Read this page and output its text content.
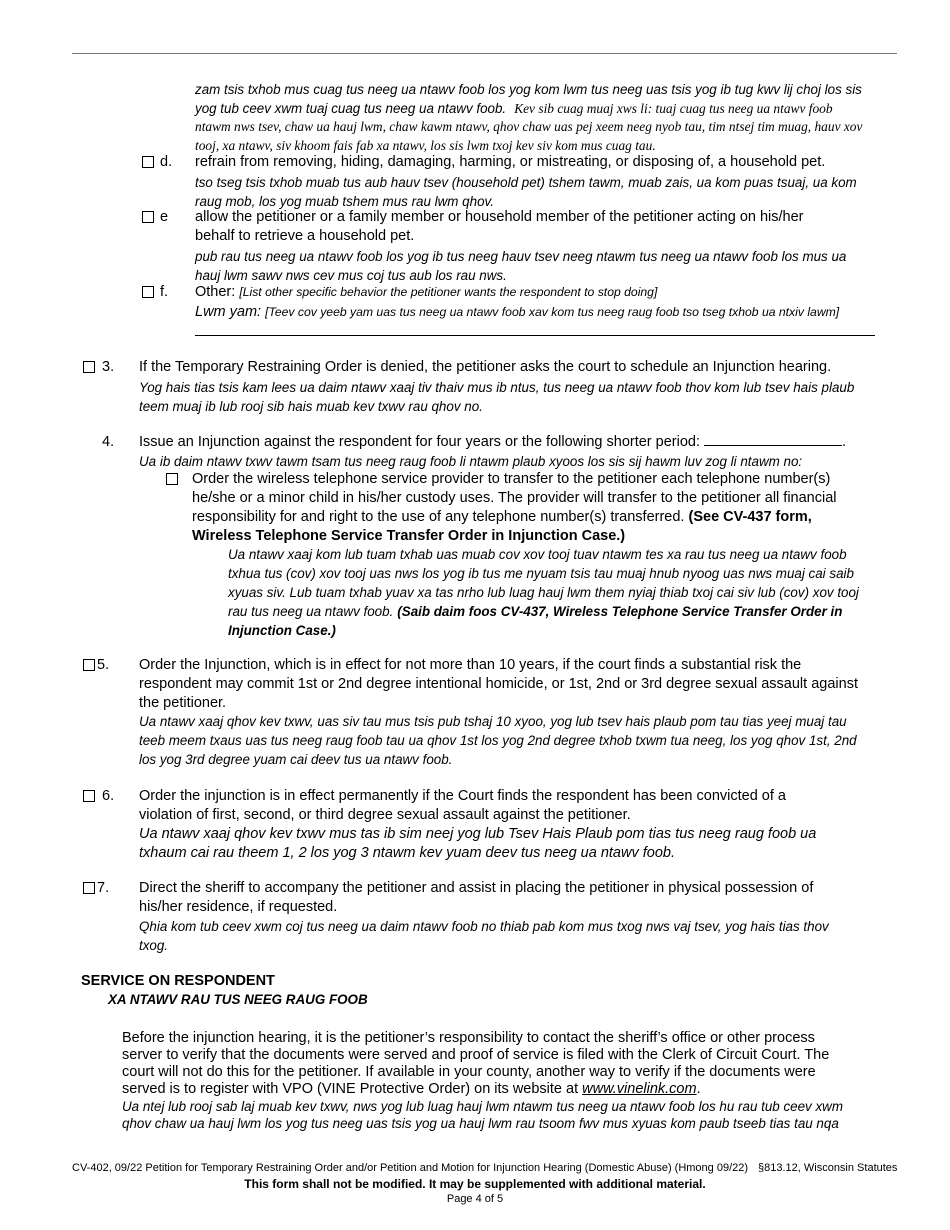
zam tsis txhob mus cuag tus neeg ua ntawv foob los yog kom lwm tus neeg uas tsis yog ib tug kwv lij choj los sis
yog tub ceev xwm tuaj cuag tus neeg ua ntawv foob. Kev sib cuag muaj xws li: tuaj cuag tus neeg ua ntawv foob
ntawm nws tsev, chaw ua hauj lwm, chaw kawm ntawv, qhov chaw uas pej xeem neeg nyob tau, tim ntsej tim muag, hauv xov
tooj, xa ntawv, siv khoom fais fab xa ntawv, los sis lwm txoj kev siv kom mus cuag tau.
d. refrain from removing, hiding, damaging, harming, or mistreating, or disposing of, a household pet.
tso tseg tsis txhob muab tus aub hauv tsev (household pet) tshem tawm, muab zais, ua kom puas tsuaj, ua kom
raug mob, los yog muab tshem mus rau lwm qhov.
e allow the petitioner or a family member or household member of the petitioner acting on his/her
behalf to retrieve a household pet.
pub rau tus neeg ua ntawv foob los yog ib tus neeg hauv tsev neeg ntawm tus neeg ua ntawv foob los mus ua
hauj lwm sawv nws cev mus coj tus aub los rau nws.
f. Other: [List other specific behavior the petitioner wants the respondent to stop doing]
Lwm yam: [Teev cov yeeb yam uas tus neeg ua ntawv foob xav kom tus neeg raug foob tso tseg txhob ua ntxiv lawm]
3. If the Temporary Restraining Order is denied, the petitioner asks the court to schedule an Injunction hearing.
Yog hais tias tsis kam lees ua daim ntawv xaaj tiv thaiv mus ib ntus, tus neeg ua ntawv foob thov kom lub tsev hais plaub
teem muaj ib lub rooj sib hais muab kev txwv rau qhov no.
4. Issue an Injunction against the respondent for four years or the following shorter period:	.
Ua ib daim ntawv txwv tawm tsam tus neeg raug foob li ntawm plaub xyoos los sis sij hawm luv zog li ntawm no:
Order the wireless telephone service provider to transfer to the petitioner each telephone number(s)
he/she or a minor child in his/her custody uses. The provider will transfer to the petitioner all financial
responsibility for and right to the use of any telephone number(s) transferred. (See CV-437 form,
Wireless Telephone Service Transfer Order in Injunction Case.)
Ua ntawv xaaj kom lub tuam txhab uas muab cov xov tooj tuav ntawm tes xa rau tus neeg ua ntawv foob
txhua tus (cov) xov tooj uas nws los yog ib tus me nyuam tsis tau muaj hnub nyoog uas nws muaj cai saib
xyuas siv. Lub tuam txhab yuav xa tas nrho lub luag hauj lwm them nyiaj thiab txoj cai siv lub (cov) xov tooj
rau tus neeg ua ntawv foob. (Saib daim foos CV-437, Wireless Telephone Service Transfer Order in
Injunction Case.)
5. Order the Injunction, which is in effect for not more than 10 years, if the court finds a substantial risk the
respondent may commit 1st or 2nd degree intentional homicide, or 1st, 2nd or 3rd degree sexual assault against
the petitioner.
Ua ntawv xaaj qhov kev txwv, uas siv tau mus tsis pub tshaj 10 xyoo, yog lub tsev hais plaub pom tau tias yeej muaj tau
teeb meem txaus uas tus neeg raug foob tau ua qhov 1st los yog 2nd degree txhob txwm tua neeg, los yog qhov 1st, 2nd
los yog 3rd degree yuam cai deev tus ua ntawv foob.
6. Order the injunction is in effect permanently if the Court finds the respondent has been convicted of a
violation of first, second, or third degree sexual assault against the petitioner.
Ua ntawv xaaj qhov kev txwv mus tas ib sim neej yog lub Tsev Hais Plaub pom tias tus neeg raug foob ua
txhaum cai rau theem 1, 2 los yog 3 ntawm kev yuam deev tus neeg ua ntawv foob.
7. Direct the sheriff to accompany the petitioner and assist in placing the petitioner in physical possession of
his/her residence, if requested.
Qhia kom tub ceev xwm coj tus neeg ua daim ntawv foob no thiab pab kom mus txog nws vaj tsev, yog hais tias thov
txog.
SERVICE ON RESPONDENT
XA NTAWV RAU TUS NEEG RAUG FOOB
Before the injunction hearing, it is the petitioner’s responsibility to contact the sheriff’s office or other process
server to verify that the documents were served and proof of service is filed with the Clerk of Circuit Court. The
court will not do this for the petitioner. If available in your county, another way to verify if the documents were
served is to register with VPO (VINE Protective Order) on its website at www.vinelink.com.
Ua ntej lub rooj sab laj muab kev txwv, nws yog lub luag hauj lwm ntawm tus neeg ua ntawv foob los hu rau tub ceev xwm
qhov chaw ua hauj lwm los yog tus neeg uas tsis yog ua hauj lwm rau tsoom fwv mus xyuas kom paub tseeb tias tau nqa
CV-402, 09/22 Petition for Temporary Restraining Order and/or Petition and Motion for Injunction Hearing (Domestic Abuse) (Hmong 09/22) §813.12, Wisconsin Statutes
This form shall not be modified. It may be supplemented with additional material.
Page 4 of 5
